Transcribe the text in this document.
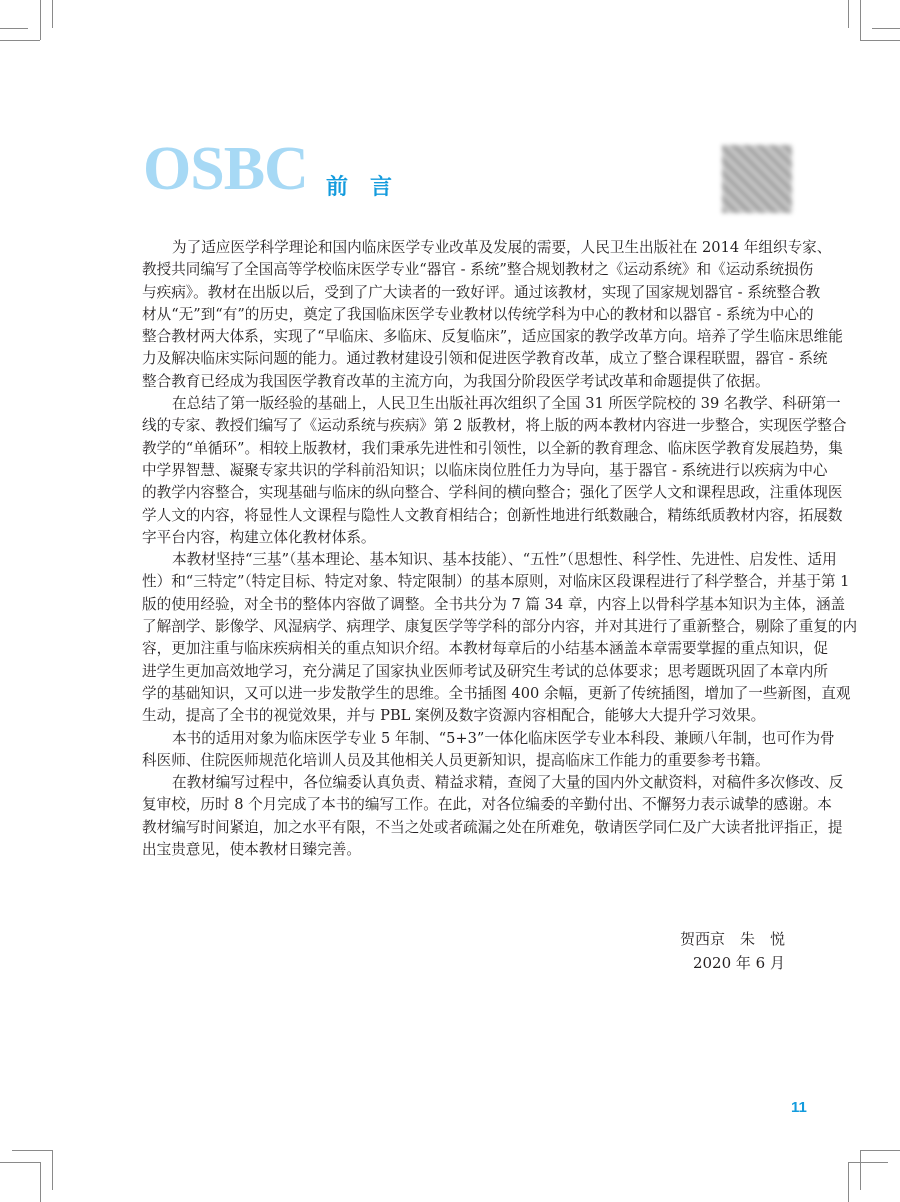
OSBC 前言
为了适应医学科学理论和国内临床医学专业改革及发展的需要，人民卫生出版社在 2014 年组织专家、
教授共同编写了全国高等学校临床医学专业“器官 - 系统”整合规划教材之《运动系统》和《运动系统损伤
与疾病》。教材在出版以后，受到了广大读者的一致好评。通过该教材，实现了国家规划器官 - 系统整合教
材从“无”到“有”的历史，奠定了我国临床医学专业教材以传统学科为中心的教材和以器官 - 系统为中心的
整合教材两大体系，实现了“早临床、多临床、反复临床”，适应国家的教学改革方向。培养了学生临床思维能
力及解决临床实际问题的能力。通过教材建设引领和促进医学教育改革，成立了整合课程联盟，器官 - 系统
整合教育已经成为我国医学教育改革的主流方向，为我国分阶段医学考试改革和命题提供了依据。
在总结了第一版经验的基础上，人民卫生出版社再次组织了全国 31 所医学院校的 39 名教学、科研第一
线的专家、教授们编写了《运动系统与疾病》第 2 版教材，将上版的两本教材内容进一步整合，实现医学整合
教学的“单循环”。相较上版教材，我们秉承先进性和引领性，以全新的教育理念、临床医学教育发展趋势，集
中学界智慧、凝聚专家共识的学科前沿知识；以临床岗位胜任力为导向，基于器官 - 系统进行以疾病为中心
的教学内容整合，实现基础与临床的纵向整合、学科间的横向整合；强化了医学人文和课程思政，注重体现医
学人文的内容，将显性人文课程与隐性人文教育相结合；创新性地进行纸数融合，精练纸质教材内容，拓展数
字平台内容，构建立体化教材体系。
本教材坚持“三基”（基本理论、基本知识、基本技能）、“五性”（思想性、科学性、先进性、启发性、适用
性）和“三特定”（特定目标、特定对象、特定限制）的基本原则，对临床区段课程进行了科学整合，并基于第 1
版的使用经验，对全书的整体内容做了调整。全书共分为 7 篇 34 章，内容上以骨科学基本知识为主体，涵盖
了解剖学、影像学、风湿病学、病理学、康复医学等学科的部分内容，并对其进行了重新整合，剔除了重复的内
容，更加注重与临床疾病相关的重点知识介绍。本教材每章后的小结基本涵盖本章需要掌握的重点知识，促
进学生更加高效地学习，充分满足了国家执业医师考试及研究生考试的总体要求；思考题既巩固了本章内所
学的基础知识，又可以进一步发散学生的思维。全书插图 400 余幅，更新了传统插图，增加了一些新图，直观
生动，提高了全书的视觉效果，并与 PBL 案例及数字资源内容相配合，能够大大提升学习效果。
本书的适用对象为临床医学专业 5 年制、“5+3”一体化临床医学专业本科段、兼顾八年制，也可作为骨
科医师、住院医师规范化培训人员及其他相关人员更新知识，提高临床工作能力的重要参考书籍。
在教材编写过程中，各位编委认真负责、精益求精，查阅了大量的国内外文献资料，对稿件多次修改、反
复审校，历时 8 个月完成了本书的编写工作。在此，对各位编委的辛勤付出、不懈努力表示诚挚的感谢。本
教材编写时间紧迫，加之水平有限，不当之处或者疏漏之处在所难免，敬请医学同仁及广大读者批评指正，提
出宝贵意见，使本教材日臻完善。
贺西京　朱　悦
2020 年 6 月
11
